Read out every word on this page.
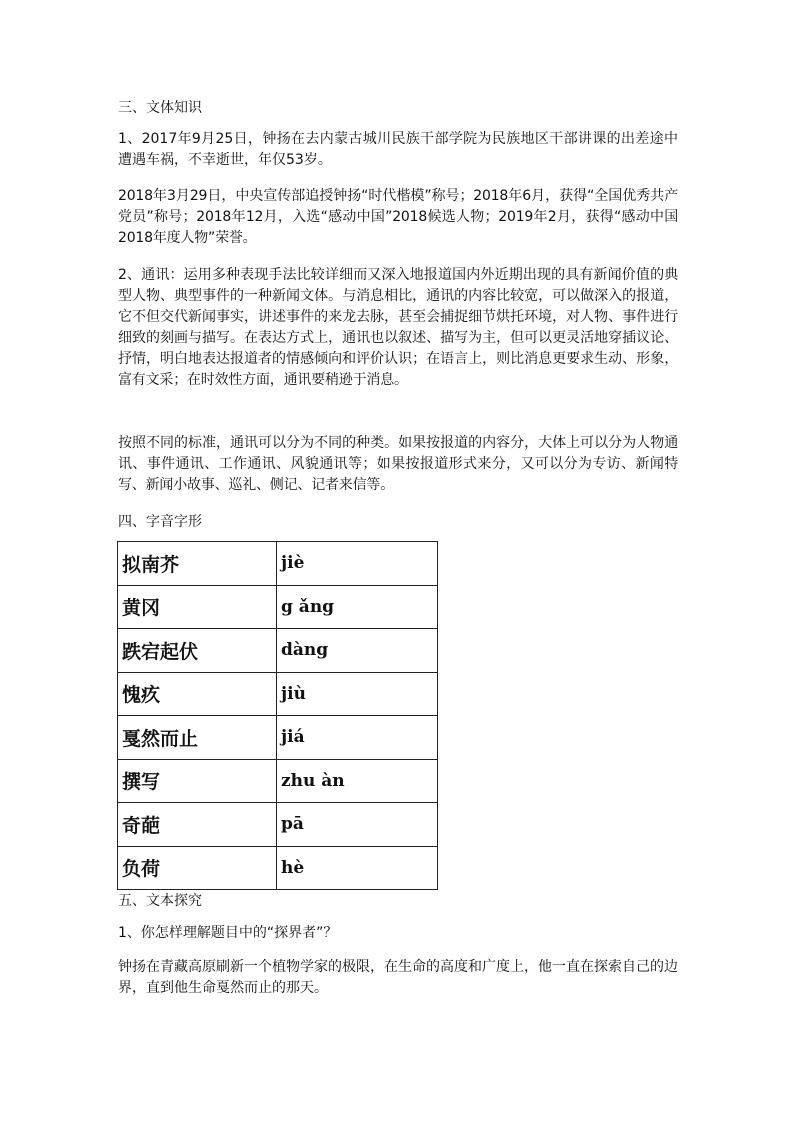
三、文体知识

1、2017年9月25日，钟扬在去内蒙古城川民族干部学院为民族地区干部讲课的出差途中遭遇车祸，不幸逝世，年仅53岁。

2018年3月29日，中央宣传部追授钟扬“时代楷模”称号；2018年6月，获得“全国优秀共产党员”称号；2018年12月，入选“感动中国”2018候选人物；2019年2月，获得“感动中国2018年度人物”荣誉。

2、通讯：运用多种表现手法比较详细而又深入地报道国内外近期出现的具有新闻价值的典型人物、典型事件的一种新闻文体。与消息相比，通讯的内容比较宽，可以做深入的报道，它不但交代新闻事实，讲述事件的来龙去脉，甚至会捕捉细节烘托环境，对人物、事件进行细致的刻画与描写。在表达方式上，通讯也以叙述、描写为主，但可以更灵活地穿插议论、抒情，明白地表达报道者的情感倾向和评价认识；在语言上，则比消息更要求生动、形象，富有文采；在时效性方面，通讯要稍逊于消息。

按照不同的标准，通讯可以分为不同的种类。如果按报道的内容分，大体上可以分为人物通讯、事件通讯、工作通讯、风貌通讯等；如果按报道形式来分，又可以分为专访、新闻特写、新闻小故事、巡礼、侧记、记者来信等。

四、字音字形

拟南芥	jiè
黄冈	g ǎng
跌宕起伏	dàng
愧疚	jiù
戛然而止	jiá
撰写	zhu àn
奇葩	pā
负荷	hè

五、文本探究

1、你怎样理解题目中的“探界者”？

钟扬在青藏高原刷新一个植物学家的极限，在生命的高度和广度上，他一直在探索自己的边界，直到他生命戛然而止的那天。
